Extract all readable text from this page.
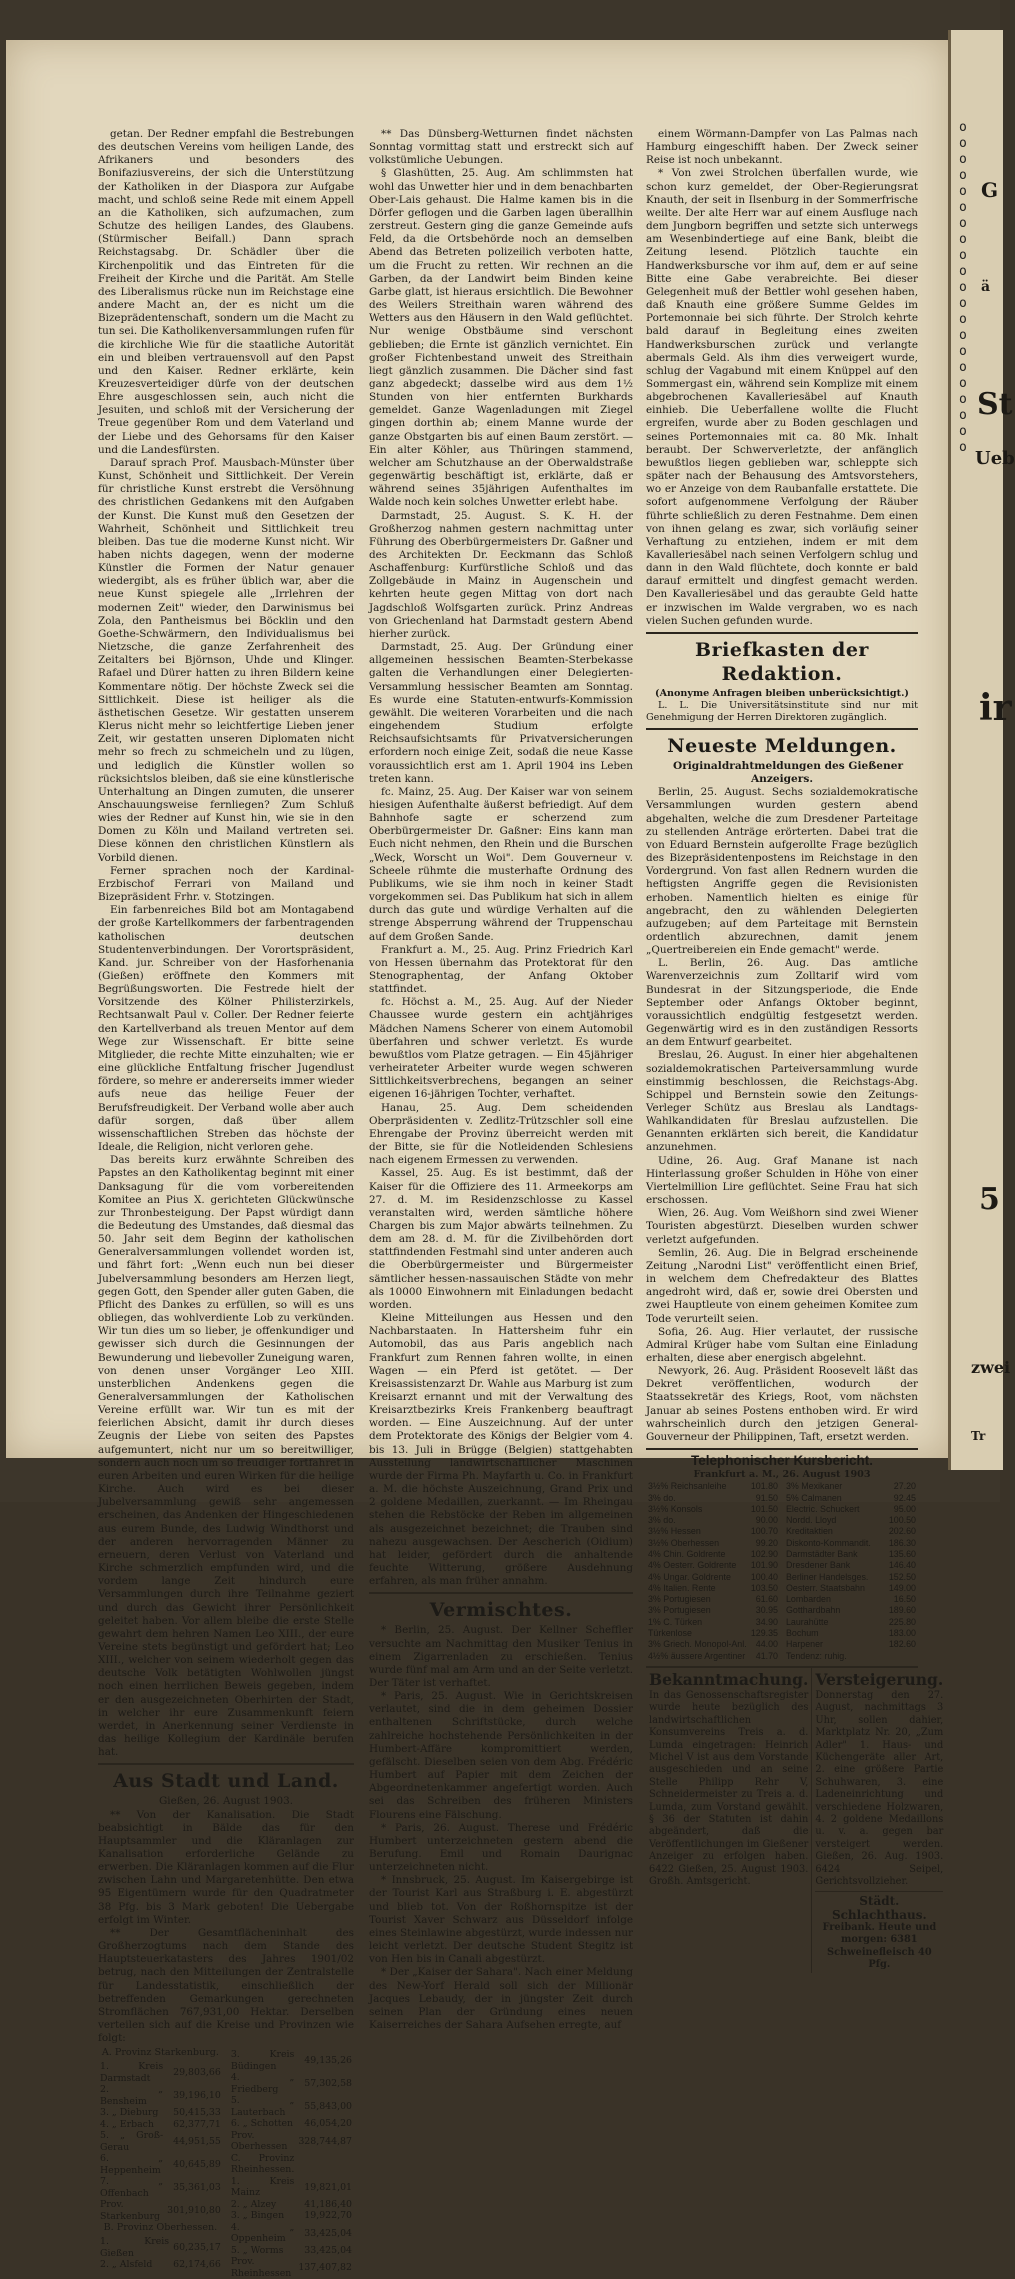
getan. Der Redner empfahl die Bestrebungen des deutschen Vereins vom heiligen Lande, des Afrikaners und besonders des Bonifaziusvereins, der sich die Unterstützung der Katholiken in der Diaspora zur Aufgabe macht, und schloß seine Rede mit einem Appell an die Katholiken, sich aufzumachen, zum Schutze des heiligen Landes, des Glaubens. (Stürmischer Beifall.) Dann sprach Reichstagsabg. Dr. Schädler über die Kirchenpolitik und das Eintreten für die Freiheit der Kirche und die Parität. Am Stelle des Liberalismus rücke nun im Reichstage eine andere Macht an, der es nicht um die Bizeprädentenschaft, sondern um die Macht zu tun sei. Die Katholikenversammlungen rufen für die kirchliche Wie für die staatliche Autorität ein und bleiben vertrauensvoll auf den Papst und den Kaiser. Redner erklärte, kein Kreuzesverteidiger dürfe von der deutschen Ehre ausgeschlossen sein, auch nicht die Jesuiten, und schloß mit der Versicherung der Treue gegenüber Rom und dem Vaterland und der Liebe und des Gehorsams für den Kaiser und die Landesfürsten.

Darauf sprach Prof. Mausbach-Münster über Kunst, Schönheit und Sittlichkeit. Der Verein für christliche Kunst erstrebt die Versöhnung des christlichen Gedankens mit den Aufgaben der Kunst. Die Kunst muß den Gesetzen der Wahrheit, Schönheit und Sittlichkeit treu bleiben. Das tue die moderne Kunst nicht. Wir haben nichts dagegen, wenn der moderne Künstler die Formen der Natur genauer wiedergibt, als es früher üblich war, aber die neue Kunst spiegele alle „Irrlehren der modernen Zeit" wieder, den Darwinismus bei Zola, den Pantheismus bei Böcklin und den Goethe-Schwärmern, den Individualismus bei Nietzsche, die ganze Zerfahrenheit des Zeitalters bei Björnson, Uhde und Klinger. Rafael und Dürer hatten zu ihren Bildern keine Kommentare nötig. Der höchste Zweck sei die Sittlichkeit. Diese ist heiliger als die ästhetischen Gesetze. Wir gestatten unserem Klerus nicht mehr so leichtfertige Lieben jener Zeit, wir gestatten unseren Diplomaten nicht mehr so frech zu schmeicheln und zu lügen, und lediglich die Künstler wollen so rücksichtslos bleiben, daß sie eine künstlerische Unterhaltung an Dingen zumuten, die unserer Anschauungsweise fernliegen? Zum Schluß wies der Redner auf Kunst hin, wie sie in den Domen zu Köln und Mailand vertreten sei. Diese können den christlichen Künstlern als Vorbild dienen.

Ferner sprachen noch der Kardinal-Erzbischof Ferrari von Mailand und Bizepräsident Frhr. v. Stotzingen.

Ein farbenreiches Bild bot am Montagabend der große Kartellkommers der farbentragenden katholischen deutschen Studentenverbindungen. Der Vorortspräsident, Kand. jur. Schreiber von der Hasforhenania (Gießen) eröffnete den Kommers mit Begrüßungsworten. Die Festrede hielt der Vorsitzende des Kölner Philisterzirkels, Rechtsanwalt Paul v. Coller. Der Redner feierte den Kartellverband als treuen Mentor auf dem Wege zur Wissenschaft. Er bitte seine Mitglieder, die rechte Mitte einzuhalten; wie er eine glückliche Entfaltung frischer Jugendlust fördere, so mehre er andererseits immer wieder aufs neue das heilige Feuer der Berufsfreudigkeit. Der Verband wolle aber auch dafür sorgen, daß über allem wissenschaftlichen Streben das höchste der Ideale, die Religion, nicht verloren gehe.

Das bereits kurz erwähnte Schreiben des Papstes an den Katholikentag beginnt mit einer Danksagung für die vom vorbereitenden Komitee an Pius X. gerichteten Glückwünsche zur Thronbesteigung. Der Papst würdigt dann die Bedeutung des Umstandes, daß diesmal das 50. Jahr seit dem Beginn der katholischen Generalversammlungen vollendet worden ist, und fährt fort: „Wenn euch nun bei dieser Jubelversammlung besonders am Herzen liegt, gegen Gott, den Spender aller guten Gaben, die Pflicht des Dankes zu erfüllen, so will es uns obliegen, das wohlverdiente Lob zu verkünden. Wir tun dies um so lieber, je offenkundiger und gewisser sich durch die Gesinnungen der Bewunderung und liebevoller Zuneigung waren, von denen unser Vorgänger Leo XIII. unsterblichen Andenkens gegen die Generalversammlungen der Katholischen Vereine erfüllt war. Wir tun es mit der feierlichen Absicht, damit ihr durch dieses Zeugnis der Liebe von seiten des Papstes aufgemuntert, nicht nur um so bereitwilliger, sondern auch noch um so freudiger fortfahret in euren Arbeiten und euren Wirken für die heilige Kirche. Auch wird es bei dieser Jubelversammlung gewiß sehr angemessen erscheinen, das Andenken der Hingeschiedenen aus eurem Bunde, des Ludwig Windthorst und der anderen hervorragenden Männer zu erneuern, deren Verlust von Vaterland und Kirche schmerzlich empfunden wird, und die vordem lange Zeit hindurch eure Versammlungen durch ihre Teilnahme geziert und durch das Gewicht ihrer Persönlichkeit geleitet haben. Vor allem bleibe die erste Stelle gewahrt dem hehren Namen Leo XIII., der eure Vereine stets begünstigt und gefördert hat; Leo XIII., welcher von seinem wiederholt gegen das deutsche Volk betätigten Wohlwollen jüngst noch einen herrlichen Beweis gegeben, indem er den ausgezeichneten Oberhirten der Stadt, in welcher ihr eure Zusammenkunft feiern werdet, in Anerkennung seiner Verdienste in das heilige Kollegium der Kardinäle berufen hat.

Aus Stadt und Land.

Gießen, 26. August 1903.

** Von der Kanalisation. Die Stadt beabsichtigt in Bälde das für den Hauptsammler und die Kläranlagen zur Kanalisation erforderliche Gelände zu erwerben. Die Kläranlagen kommen auf die Flur zwischen Lahn und Margaretenhütte. Den etwa 95 Eigentümern wurde für den Quadratmeter 38 Pfg. bis 3 Mark geboten! Die Uebergabe erfolgt im Winter.

** Der Gesamtflächeninhalt des Großherzogtums nach dem Stande des Hauptsteuerkatasters des Jahres 1901/02 betrug, nach den Mitteilungen der Zentralstelle für Landesstatistik, einschließlich der betreffenden Gemarkungen gerechneten Stromflächen 767,931,00 Hektar. Derselben verteilen sich auf die Kreise und Provinzen wie folgt:

A. Provinz Starkenburg.
1. Kreis Darmstadt	29,803,66
2. „ Bensheim	39,196,10
3. „ Dieburg	50,415,33
4. „ Erbach	62,377,71
5. „ Groß-Gerau	44,951,55
6. „ Heppenheim	40,645,89
7. „ Offenbach	35,361,03
Prov. Starkenburg	301,910,80
B. Provinz Oberhessen.
1. Kreis Gießen	60,235,17
2. „ Alsfeld	62,174,66
3. Kreis Büdingen	49,135,26
4. „ Friedberg	57,302,58
5. „ Lauterbach	55,843,00
6. „ Schotten	46,054,20
Prov. Oberhessen	328,744,87
C. Provinz Rheinhessen.	
1. Kreis Mainz	19,821,01
2. „ Alzey	41,186,40
3. „ Bingen	19,922,70
4. „ Oppenheim	33,425,04
5. „ Worms	33,425,04
Prov. Rheinhessen	137,407,82

** Das Dünsberg-Wetturnen findet nächsten Sonntag vormittag statt und erstreckt sich auf volkstümliche Uebungen.

§ Glashütten, 25. Aug. Am schlimmsten hat wohl das Unwetter hier und in dem benachbarten Ober-Lais gehaust. Die Halme kamen bis in die Dörfer geflogen und die Garben lagen überallhin zerstreut. Gestern ging die ganze Gemeinde aufs Feld, da die Ortsbehörde noch an demselben Abend das Betreten polizeilich verboten hatte, um die Frucht zu retten. Wir rechnen an die Garben, da der Landwirt beim Binden keine Garbe glatt, ist hieraus ersichtlich. Die Bewohner des Weilers Streithain waren während des Wetters aus den Häusern in den Wald geflüchtet. Nur wenige Obstbäume sind verschont geblieben; die Ernte ist gänzlich vernichtet. Ein großer Fichtenbestand unweit des Streithain liegt gänzlich zusammen. Die Dächer sind fast ganz abgedeckt; dasselbe wird aus dem 1½ Stunden von hier entfernten Burkhards gemeldet. Ganze Wagenladungen mit Ziegel gingen dorthin ab; einem Manne wurde der ganze Obstgarten bis auf einen Baum zerstört. — Ein alter Köhler, aus Thüringen stammend, welcher am Schutzhause an der Oberwaldstraße gegenwärtig beschäftigt ist, erklärte, daß er während seines 35jährigen Aufenthaltes im Walde noch kein solches Unwetter erlebt habe.

Darmstadt, 25. August. S. K. H. der Großherzog nahmen gestern nachmittag unter Führung des Oberbürgermeisters Dr. Gaßner und des Architekten Dr. Eeckmann das Schloß Aschaffenburg: Kurfürstliche Schloß und das Zollgebäude in Mainz in Augenschein und kehrten heute gegen Mittag von dort nach Jagdschloß Wolfsgarten zurück. Prinz Andreas von Griechenland hat Darmstadt gestern Abend hierher zurück.

Darmstadt, 25. Aug. Der Gründung einer allgemeinen hessischen Beamten-Sterbekasse galten die Verhandlungen einer Delegierten-Versammlung hessischer Beamten am Sonntag. Es wurde eine Statuten-entwurfs-Kommission gewählt. Die weiteren Vorarbeiten und die nach eingehendem Studium erfolgte Reichsaufsichtsamts für Privatversicherungen erfordern noch einige Zeit, sodaß die neue Kasse voraussichtlich erst am 1. April 1904 ins Leben treten kann.

fc. Mainz, 25. Aug. Der Kaiser war von seinem hiesigen Aufenthalte äußerst befriedigt. Auf dem Bahnhofe sagte er scherzend zum Oberbürgermeister Dr. Gaßner: Eins kann man Euch nicht nehmen, den Rhein und die Burschen „Weck, Worscht un Woi". Dem Gouverneur v. Scheele rühmte die musterhafte Ordnung des Publikums, wie sie ihm noch in keiner Stadt vorgekommen sei. Das Publikum hat sich in allem durch das gute und würdige Verhalten auf die strenge Absperrung während der Truppenschau auf dem Großen Sande.

Frankfurt a. M., 25. Aug. Prinz Friedrich Karl von Hessen übernahm das Protektorat für den Stenographentag, der Anfang Oktober stattfindet.

fc. Höchst a. M., 25. Aug. Auf der Nieder Chaussee wurde gestern ein achtjähriges Mädchen Namens Scherer von einem Automobil überfahren und schwer verletzt. Es wurde bewußtlos vom Platze getragen. — Ein 45jähriger verheirateter Arbeiter wurde wegen schweren Sittlichkeitsverbrechens, begangen an seiner eigenen 16-jährigen Tochter, verhaftet.

Hanau, 25. Aug. Dem scheidenden Oberpräsidenten v. Zedlitz-Trützschler soll eine Ehrengabe der Provinz überreicht werden mit der Bitte, sie für die Notleidenden Schlesiens nach eigenem Ermessen zu verwenden.

Kassel, 25. Aug. Es ist bestimmt, daß der Kaiser für die Offiziere des 11. Armeekorps am 27. d. M. im Residenzschlosse zu Kassel veranstalten wird, werden sämtliche höhere Chargen bis zum Major abwärts teilnehmen. Zu dem am 28. d. M. für die Zivilbehörden dort stattfindenden Festmahl sind unter anderen auch die Oberbürgermeister und Bürgermeister sämtlicher hessen-nassauischen Städte von mehr als 10000 Einwohnern mit Einladungen bedacht worden.

Kleine Mitteilungen aus Hessen und den Nachbarstaaten. In Hattersheim fuhr ein Automobil, das aus Paris angeblich nach Frankfurt zum Rennen fahren wollte, in einen Wagen — ein Pferd ist getötet. — Der Kreisassistenzarzt Dr. Wahle aus Marburg ist zum Kreisarzt ernannt und mit der Verwaltung des Kreisarztbezirks Kreis Frankenberg beauftragt worden. — Eine Auszeichnung. Auf der unter dem Protektorate des Königs der Belgier vom 4. bis 13. Juli in Brügge (Belgien) stattgehabten Ausstellung landwirtschaftlicher Maschinen wurde der Firma Ph. Mayfarth u. Co. in Frankfurt a. M. die höchste Auszeichnung, Grand Prix und 2 goldene Medaillen, zuerkannt. — Im Rheingau stehen die Rebstöcke der Reben im allgemeinen als ausgezeichnet bezeichnet; die Trauben sind nahezu ausgewachsen. Der Aescherich (Oidium) hat leider, gefördert durch die anhaltende feuchte Witterung, größere Ausdehnung erfahren, als man früher annahm.

Vermischtes.

* Berlin, 25. August. Der Kellner Scheffler versuchte am Nachmittag den Musiker Tenius in einem Zigarrenladen zu erschießen. Tenius wurde fünf mal am Arm und an der Seite verletzt. Der Täter ist verhaftet.

* Paris, 25. August. Wie in Gerichtskreisen verlautet, sind die in dem geheimen Dossier enthaltenen Schriftstücke, durch welche zahlreiche hochstehende Persönlichkeiten in der Humbert-Affäre kompromittiert werden, gefälscht. Dieselben seien von dem Abg. Frédéric Humbert auf Papier mit dem Zeichen der Abgeordnetenkammer angefertigt worden. Auch sei das Schreiben des früheren Ministers Flourens eine Fälschung.

* Paris, 26. August. Therese und Frédéric Humbert unterzeichneten gestern abend die Berufung. Emil und Romain Daurignac unterzeichneten nicht.

* Innsbruck, 25. August. Im Kaisergebirge ist der Tourist Karl aus Straßburg i. E. abgestürzt und blieb tot. Von der Roßhornspitze ist der Tourist Xaver Schwarz aus Düsseldorf infolge eines Steinlawine abgestürzt, wurde indessen nur leicht verletzt. Der deutsche Student Stegitz ist von Hen bis in Canali abgestürzt.

* Der „Kaiser der Sahara". Nach einer Meldung des New-Yorf Herald soll sich der Millionär Jacques Lebaudy, der in jüngster Zeit durch seinen Plan der Gründung eines neuen Kaiserreiches der Sahara Aufsehen erregte, auf

einem Wörmann-Dampfer von Las Palmas nach Hamburg eingeschifft haben. Der Zweck seiner Reise ist noch unbekannt.

* Von zwei Strolchen überfallen wurde, wie schon kurz gemeldet, der Ober-Regierungsrat Knauth, der seit in Ilsenburg in der Sommerfrische weilte. Der alte Herr war auf einem Ausfluge nach dem Jungborn begriffen und setzte sich unterwegs am Wesenbindertiege auf eine Bank, bleibt die Zeitung lesend. Plötzlich tauchte ein Handwerksbursche vor ihm auf, dem er auf seine Bitte eine Gabe verabreichte. Bei dieser Gelegenheit muß der Bettler wohl gesehen haben, daß Knauth eine größere Summe Geldes im Portemonnaie bei sich führte. Der Strolch kehrte bald darauf in Begleitung eines zweiten Handwerksburschen zurück und verlangte abermals Geld. Als ihm dies verweigert wurde, schlug der Vagabund mit einem Knüppel auf den Sommergast ein, während sein Komplize mit einem abgebrochenen Kavalleriesäbel auf Knauth einhieb. Die Ueberfallene wollte die Flucht ergreifen, wurde aber zu Boden geschlagen und seines Portemonnaies mit ca. 80 Mk. Inhalt beraubt. Der Schwerverletzte, der anfänglich bewußtlos liegen geblieben war, schleppte sich später nach der Behausung des Amtsvorstehers, wo er Anzeige von dem Raubanfalle erstattete. Die sofort aufgenommene Verfolgung der Räuber führte schließlich zu deren Festnahme. Dem einen von ihnen gelang es zwar, sich vorläufig seiner Verhaftung zu entziehen, indem er mit dem Kavalleriesäbel nach seinen Verfolgern schlug und dann in den Wald flüchtete, doch konnte er bald darauf ermittelt und dingfest gemacht werden. Den Kavalleriesäbel und das geraubte Geld hatte er inzwischen im Walde vergraben, wo es nach vielen Suchen gefunden wurde.

Briefkasten der Redaktion.

(Anonyme Anfragen bleiben unberücksichtigt.)

L. L. Die Universitätsinstitute sind nur mit Genehmigung der Herren Direktoren zugänglich.

Neueste Meldungen.

Originaldrahtmeldungen des Gießener Anzeigers.

Berlin, 25. August. Sechs sozialdemokratische Versammlungen wurden gestern abend abgehalten, welche die zum Dresdener Parteitage zu stellenden Anträge erörterten. Dabei trat die von Eduard Bernstein aufgerollte Frage bezüglich des Bizepräsidentenpostens im Reichstage in den Vordergrund. Von fast allen Rednern wurden die heftigsten Angriffe gegen die Revisionisten erhoben. Namentlich hielten es einige für angebracht, den zu wählenden Delegierten aufzugeben; auf dem Parteitage mit Bernstein ordentlich abzurechnen, damit jenem „Quertreibereien ein Ende gemacht" werde.

L. Berlin, 26. Aug. Das amtliche Warenverzeichnis zum Zolltarif wird vom Bundesrat in der Sitzungsperiode, die Ende September oder Anfangs Oktober beginnt, voraussichtlich endgültig festgesetzt werden. Gegenwärtig wird es in den zuständigen Ressorts an dem Entwurf gearbeitet.

Breslau, 26. August. In einer hier abgehaltenen sozialdemokratischen Parteiversammlung wurde einstimmig beschlossen, die Reichstags-Abg. Schippel und Bernstein sowie den Zeitungs-Verleger Schütz aus Breslau als Landtags-Wahlkandidaten für Breslau aufzustellen. Die Genannten erklärten sich bereit, die Kandidatur anzunehmen.

Udine, 26. Aug. Graf Manane ist nach Hinterlassung großer Schulden in Höhe von einer Viertelmillion Lire geflüchtet. Seine Frau hat sich erschossen.

Wien, 26. Aug. Vom Weißhorn sind zwei Wiener Touristen abgestürzt. Dieselben wurden schwer verletzt aufgefunden.

Semlin, 26. Aug. Die in Belgrad erscheinende Zeitung „Narodni List" veröffentlicht einen Brief, in welchem dem Chefredakteur des Blattes angedroht wird, daß er, sowie drei Obersten und zwei Hauptleute von einem geheimen Komitee zum Tode verurteilt seien.

Sofia, 26. Aug. Hier verlautet, der russische Admiral Krüger habe vom Sultan eine Einladung erhalten, diese aber energisch abgelehnt.

Newyork, 26. Aug. Präsident Roosevelt läßt das Dekret veröffentlichen, wodurch der Staatssekretär des Kriegs, Root, vom nächsten Januar ab seines Postens enthoben wird. Er wird wahrscheinlich durch den jetzigen General-Gouverneur der Philippinen, Taft, ersetzt werden.

Telephonischer Kursbericht.
Frankfurt a. M., 26. August 1903
3½% Reichsanleihe	101.80
3% do.	91.50
3½% Konsols	101.50
3% do.	90.00
3½% Hessen	100.70
3½% Oberhessen	99.20
4% Chin. Goldrente	102.90
4% Oesterr. Goldrente	101.90
4% Ungar. Goldrente	100.40
4% Italien. Rente	103.50
3% Portugiesen	61.60
3% Portugiesen	30.95
1% C. Türken	34.90
Türkenlose	129.35
3% Griech. Monopol-Anl.	44.00
4½% äussere Argentiner	41.70
3% Mexikaner	27.20
5% Calmanen	92.45
Electric. Schuckert	95.00
Nordd. Lloyd	100.50
Kreditaktien	202.60
Diskonto-Kommandit.	186.30
Darmstädter Bank	135.60
Dresdener Bank	146.40
Berliner Handelsges.	152.50
Oesterr. Staatsbahn	149.00
Lombarden	16.50
Gotthardbahn	189.60
Laurahütte	225.80
Bochum	183.00
Harpener	182.60
Tendenz: ruhig.	
Bekanntmachung.

In das Genossenschaftsregister wurde heute bezüglich des landwirtschaftlichen Konsumvereins Treis a. d. Lumda eingetragen: Heinrich Michel V ist aus dem Vorstande ausgeschieden und an seine Stelle Philipp Rehr V, Schneidermeister zu Treis a. d. Lumda, zum Vorstand gewählt. § 36 der Statuten ist dahin abgeändert, daß die Veröffentlichungen im Gießener Anzeiger zu erfolgen haben. 6422 Gießen, 25. August 1903. Großh. Amtsgericht.

Versteigerung.

Donnerstag den 27. August, nachmittags 3 Uhr, sollen dahier, Marktplatz Nr. 20, „Zum Adler" 1. Haus- und Küchengeräte aller Art, 2. eine größere Partie Schuhwaren, 3. eine Ladeneinrichtung und verschiedene Holzwaren, 4. 2 goldene Medaillons u. v. a. gegen bar versteigert werden. Gießen, 26. Aug. 1903. 6424 Seipel, Gerichtsvollzieher.

Städt. Schlachthaus.

Freibank. Heute und morgen: 6381 Schweinefleisch 40 Pfg.

o
o
o
o
o
o
o
o
o
o
o
o
o
o
o
o
o
o
o
o
o
G
ä
St
Ueb
ir
5
zwei
Tr
